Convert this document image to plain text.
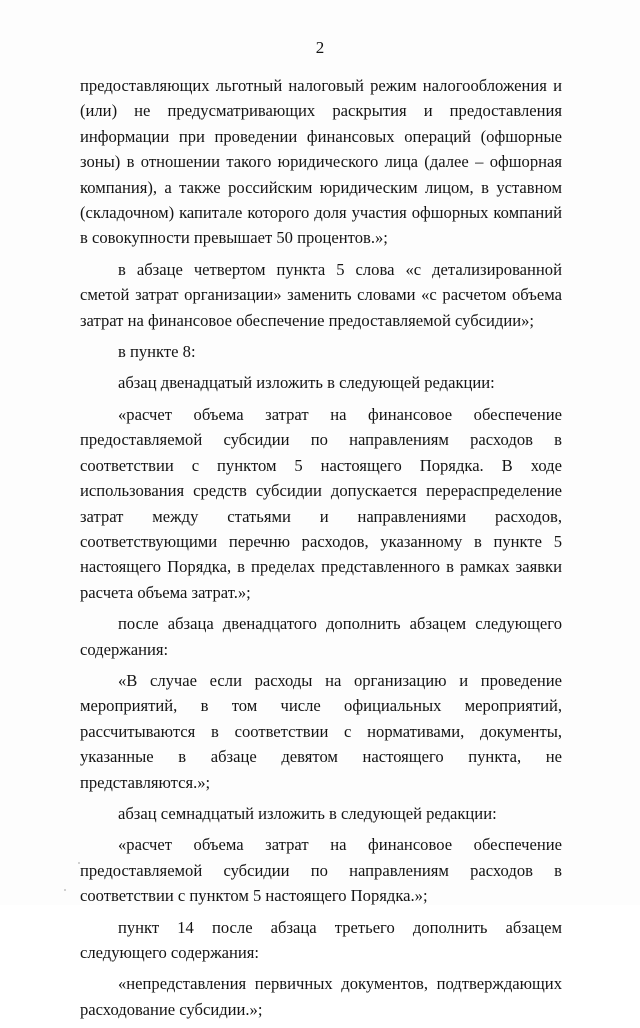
2

предоставляющих льготный налоговый режим налогообложения и (или) не предусматривающих раскрытия и предоставления информации при проведении финансовых операций (офшорные зоны) в отношении такого юридического лица (далее – офшорная компания), а также российским юридическим лицом, в уставном (складочном) капитале которого доля участия офшорных компаний в совокупности превышает 50 процентов.»;

в абзаце четвертом пункта 5 слова «с детализированной сметой затрат организации» заменить словами «с расчетом объема затрат на финансовое обеспечение предоставляемой субсидии»;

в пункте 8:

абзац двенадцатый изложить в следующей редакции:

«расчет объема затрат на финансовое обеспечение предоставляемой субсидии по направлениям расходов в соответствии с пунктом 5 настоящего Порядка. В ходе использования средств субсидии допускается перераспределение затрат между статьями и направлениями расходов, соответствующими перечню расходов, указанному в пункте 5 настоящего Порядка, в пределах представленного в рамках заявки расчета объема затрат.»;

после абзаца двенадцатого дополнить абзацем следующего содержания:

«В случае если расходы на организацию и проведение мероприятий, в том числе официальных мероприятий, рассчитываются в соответствии с нормативами, документы, указанные в абзаце девятом настоящего пункта, не представляются.»;

абзац семнадцатый изложить в следующей редакции:

«расчет объема затрат на финансовое обеспечение предоставляемой субсидии по направлениям расходов в соответствии с пунктом 5 настоящего Порядка.»;

пункт 14 после абзаца третьего дополнить абзацем следующего содержания:

«непредставления первичных документов, подтверждающих расходование субсидии.»;
